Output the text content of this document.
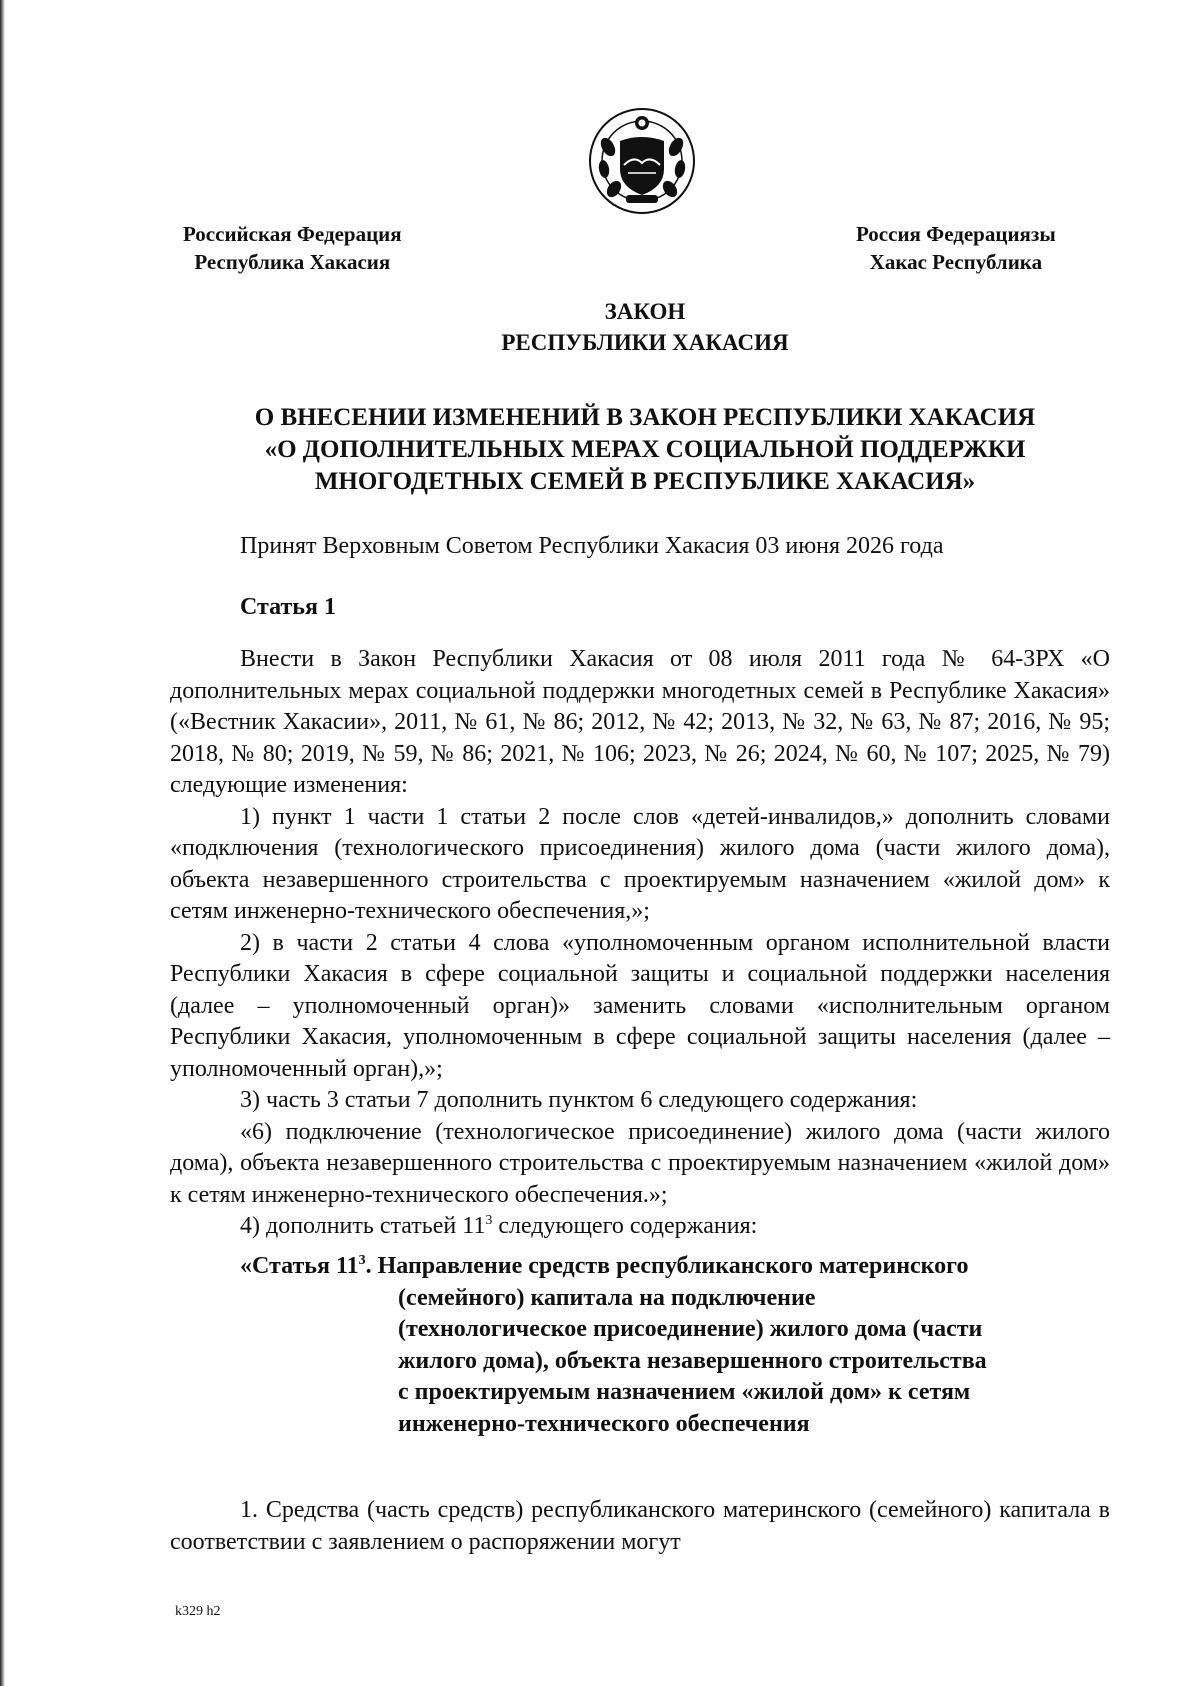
Российская Федерация
Республика Хакасия
Россия Федерациязы
Хакас Республика
ЗАКОН
РЕСПУБЛИКИ ХАКАСИЯ
О ВНЕСЕНИИ ИЗМЕНЕНИЙ В ЗАКОН РЕСПУБЛИКИ ХАКАСИЯ
«О ДОПОЛНИТЕЛЬНЫХ МЕРАХ СОЦИАЛЬНОЙ ПОДДЕРЖКИ
МНОГОДЕТНЫХ СЕМЕЙ В РЕСПУБЛИКЕ ХАКАСИЯ»
Принят Верховным Советом Республики Хакасия 03 июня 2026 года
Статья 1

Внести в Закон Республики Хакасия от 08 июля 2011 года № 64-ЗРХ «О дополнительных мерах социальной поддержки многодетных семей в Республике Хакасия» («Вестник Хакасии», 2011, № 61, № 86; 2012, № 42; 2013, № 32, № 63, № 87; 2016, № 95; 2018, № 80; 2019, № 59, № 86; 2021, № 106; 2023, № 26; 2024, № 60, № 107; 2025, № 79) следующие изменения:

1) пункт 1 части 1 статьи 2 после слов «детей-инвалидов,» дополнить словами «подключения (технологического присоединения) жилого дома (части жилого дома), объекта незавершенного строительства с проектируемым назначением «жилой дом» к сетям инженерно-технического обеспечения,»;

2) в части 2 статьи 4 слова «уполномоченным органом исполнительной власти Республики Хакасия в сфере социальной защиты и социальной поддержки населения (далее – уполномоченный орган)» заменить словами «исполнительным органом Республики Хакасия, уполномоченным в сфере социальной защиты населения (далее – уполномоченный орган),»;

3) часть 3 статьи 7 дополнить пунктом 6 следующего содержания:

«6) подключение (технологическое присоединение) жилого дома (части жилого дома), объекта незавершенного строительства с проектируемым назначением «жилой дом» к сетям инженерно-технического обеспечения.»;

4) дополнить статьей $11^3$ следующего содержания:

«Статья $11^3$. Направление средств республиканского материнского
(семейного) капитала на подключение
(технологическое присоединение) жилого дома (части
жилого дома), объекта незавершенного строительства
с проектируемым назначением «жилой дом» к сетям
инженерно-технического обеспечения

1. Средства (часть средств) республиканского материнского (семейного) капитала в соответствии с заявлением о распоряжении могут

k329 h2
